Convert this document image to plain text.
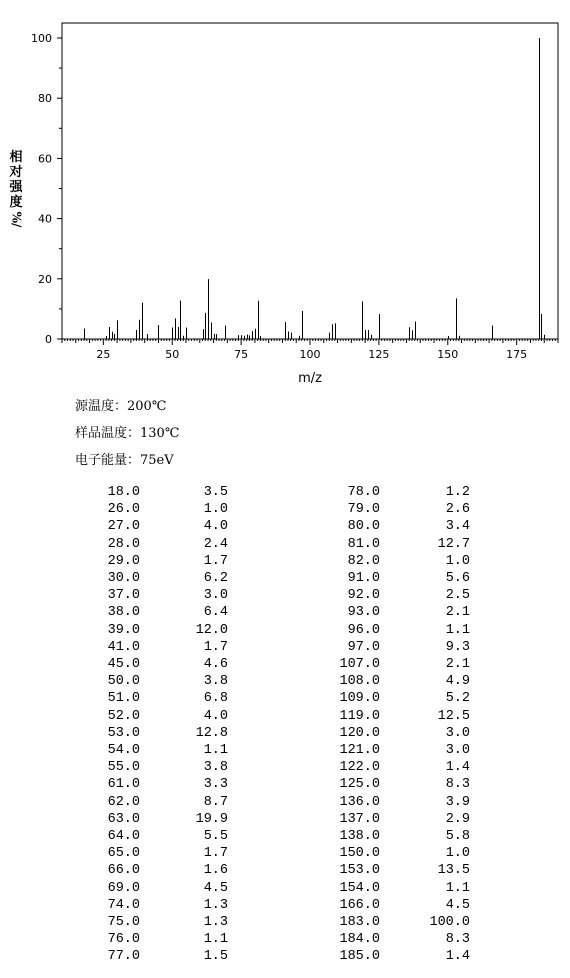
0
20
40
60
80
100
25	50	75	100	125	150	175
m/z
相对强度
%/
源温度：200℃
样品温度：130℃
电子能量：75eV
18.0	3.5	78.0	1.2
26.0	1.0	79.0	2.6
27.0	4.0	80.0	3.4
28.0	2.4	81.0	12.7
29.0	1.7	82.0	1.0
30.0	6.2	91.0	5.6
37.0	3.0	92.0	2.5
38.0	6.4	93.0	2.1
39.0	12.0	96.0	1.1
41.0	1.7	97.0	9.3
45.0	4.6	107.0	2.1
50.0	3.8	108.0	4.9
51.0	6.8	109.0	5.2
52.0	4.0	119.0	12.5
53.0	12.8	120.0	3.0
54.0	1.1	121.0	3.0
55.0	3.8	122.0	1.4
61.0	3.3	125.0	8.3
62.0	8.7	136.0	3.9
63.0	19.9	137.0	2.9
64.0	5.5	138.0	5.8
65.0	1.7	150.0	1.0
66.0	1.6	153.0	13.5
69.0	4.5	154.0	1.1
74.0	1.3	166.0	4.5
75.0	1.3	183.0	100.0
76.0	1.1	184.0	8.3
77.0	1.5	185.0	1.4
